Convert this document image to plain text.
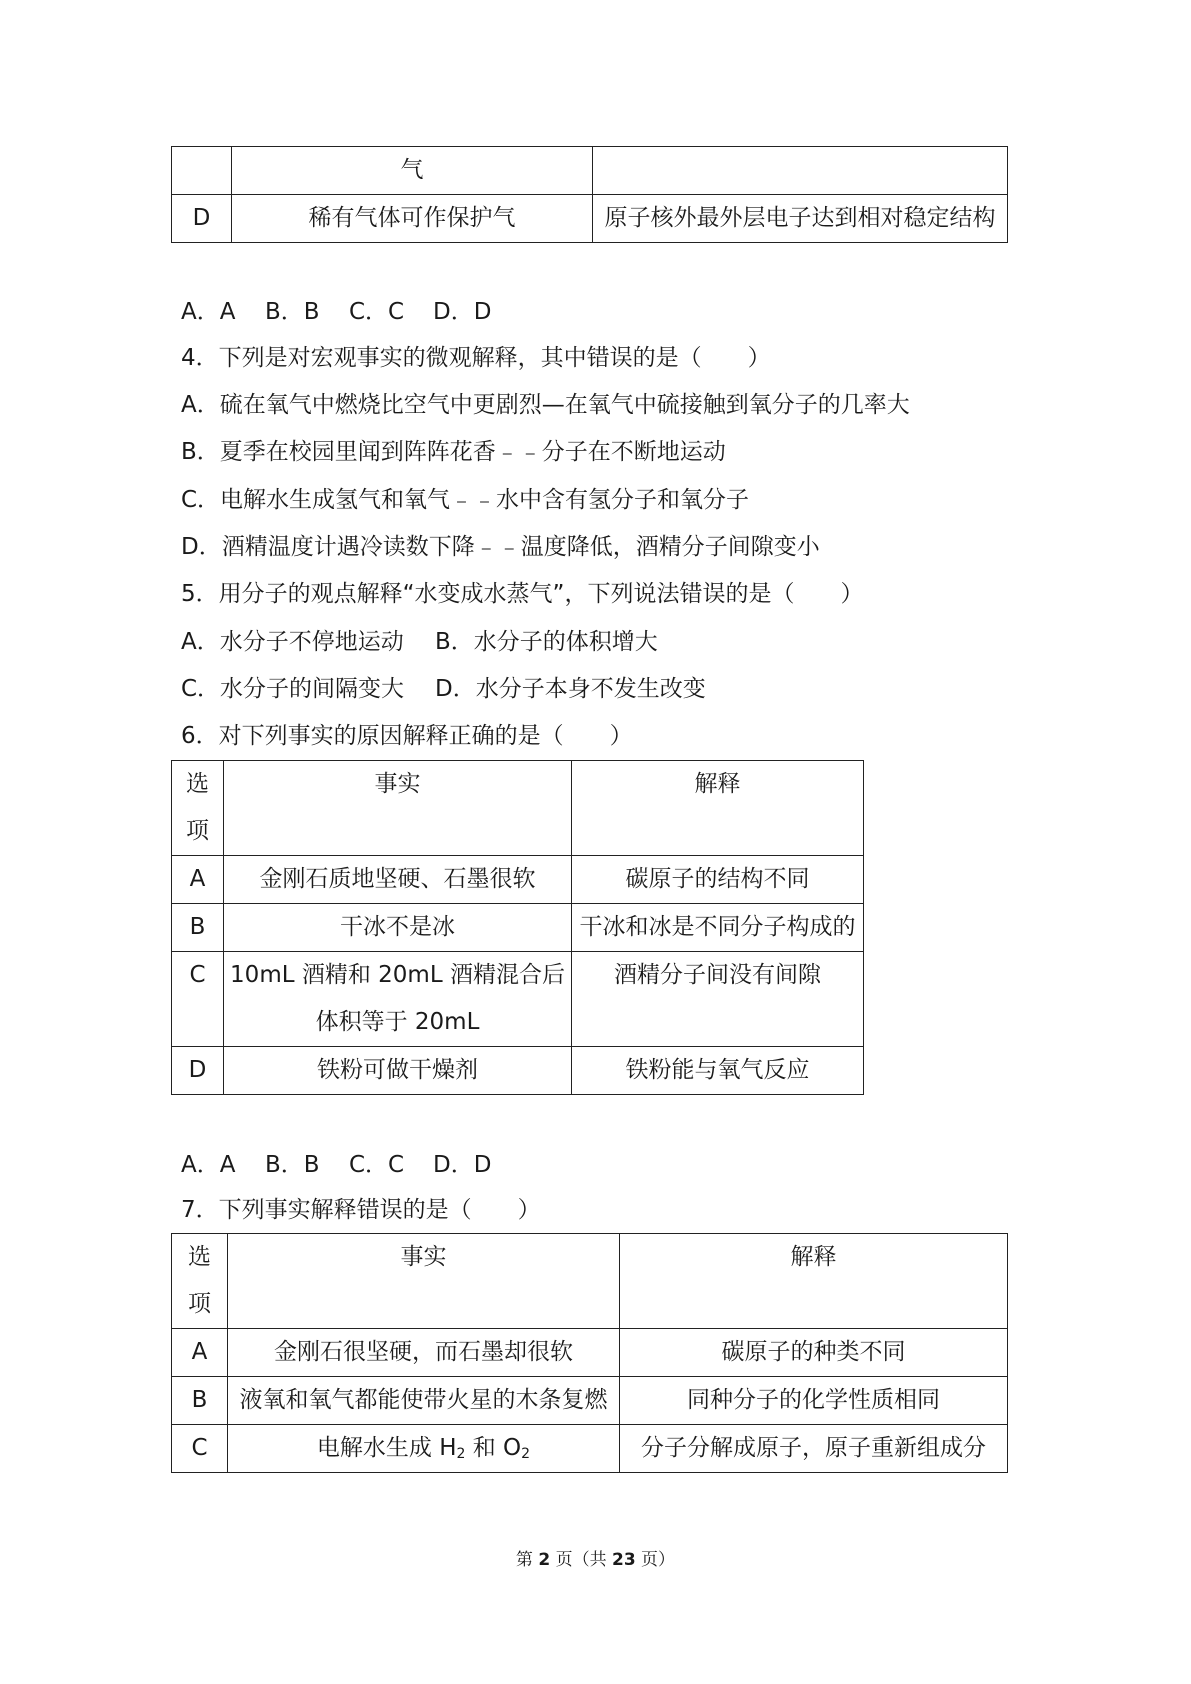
	气	
D	稀有气体可作保护气	原子核外最外层电子达到相对稳定结构
A．A B．B C．C D．D
4．下列是对宏观事实的微观解释，其中错误的是（　　）
A．硫在氧气中燃烧比空气中更剧烈—在氧气中硫接触到氧分子的几率大
B．夏季在校园里闻到阵阵花香﹣﹣分子在不断地运动
C．电解水生成氢气和氧气﹣﹣水中含有氢分子和氧分子
D．酒精温度计遇冷读数下降﹣﹣温度降低，酒精分子间隙变小
5．用分子的观点解释“水变成水蒸气”，下列说法错误的是（　　）
A．水分子不停地运动 B．水分子的体积增大
C．水分子的间隔变大 D．水分子本身不发生改变
6．对下列事实的原因解释正确的是（　　）
选项	事实	解释
A	金刚石质地坚硬、石墨很软	碳原子的结构不同
B	干冰不是冰	干冰和冰是不同分子构成的
C	10mL 酒精和 20mL 酒精混合后体积等于 20mL	酒精分子间没有间隙
D	铁粉可做干燥剂	铁粉能与氧气反应
A．A B．B C．C D．D
7．下列事实解释错误的是（　　）
选项	事实	解释
A	金刚石很坚硬，而石墨却很软	碳原子的种类不同
B	液氧和氧气都能使带火星的木条复燃	同种分子的化学性质相同
C	电解水生成 $H_2$ 和 $O_2$	分子分解成原子，原子重新组成分
第 2 页（共 23 页）
